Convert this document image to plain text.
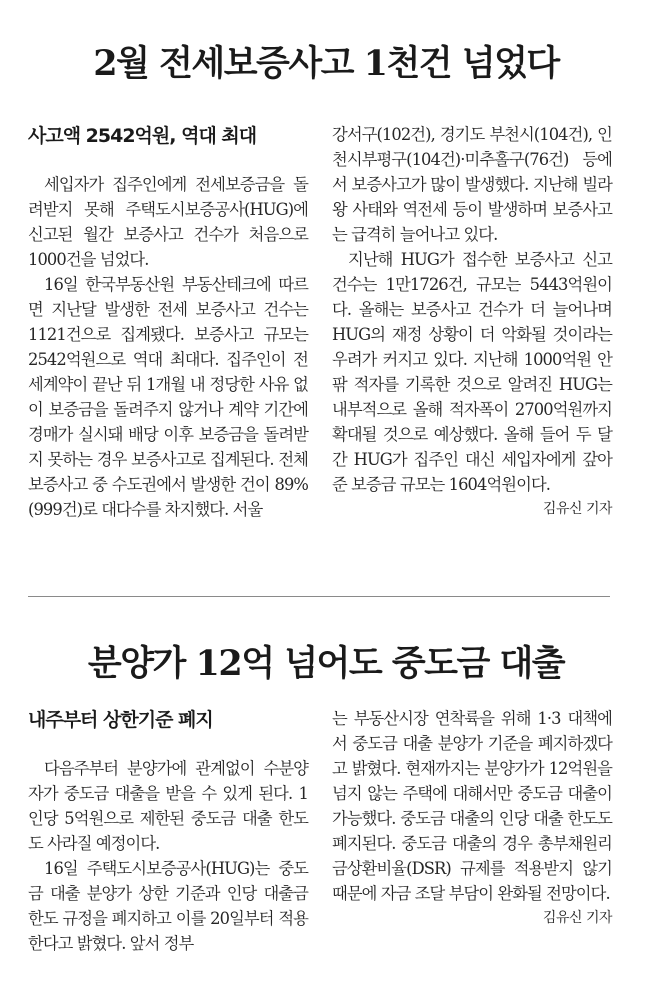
2월 전세보증사고 1천건 넘었다
사고액 2542억원, 역대 최대

세입자가 집주인에게 전세보증금을 돌려받지 못해 주택도시보증공사(HUG)에 신고된 월간 보증사고 건수가 처음으로 1000건을 넘었다.

16일 한국부동산원 부동산테크에 따르면 지난달 발생한 전세 보증사고 건수는 1121건으로 집계됐다. 보증사고 규모는 2542억원으로 역대 최대다. 집주인이 전세계약이 끝난 뒤 1개월 내 정당한 사유 없이 보증금을 돌려주지 않거나 계약 기간에 경매가 실시돼 배당 이후 보증금을 돌려받지 못하는 경우 보증사고로 집계된다. 전체 보증사고 중 수도권에서 발생한 건이 89%(999건)로 대다수를 차지했다. 서울

강서구(102건), 경기도 부천시(104건), 인천시부평구(104건)·미추홀구(76건) 등에서 보증사고가 많이 발생했다. 지난해 빌라왕 사태와 역전세 등이 발생하며 보증사고는 급격히 늘어나고 있다.

지난해 HUG가 접수한 보증사고 신고 건수는 1만1726건, 규모는 5443억원이다. 올해는 보증사고 건수가 더 늘어나며 HUG의 재정 상황이 더 악화될 것이라는 우려가 커지고 있다. 지난해 1000억원 안팎 적자를 기록한 것으로 알려진 HUG는 내부적으로 올해 적자폭이 2700억원까지 확대될 것으로 예상했다. 올해 들어 두 달간 HUG가 집주인 대신 세입자에게 갚아준 보증금 규모는 1604억원이다.
김유신 기자

분양가 12억 넘어도 중도금 대출
내주부터 상한기준 폐지

다음주부터 분양가에 관계없이 수분양자가 중도금 대출을 받을 수 있게 된다. 1인당 5억원으로 제한된 중도금 대출 한도도 사라질 예정이다.

16일 주택도시보증공사(HUG)는 중도금 대출 분양가 상한 기준과 인당 대출금 한도 규정을 폐지하고 이를 20일부터 적용한다고 밝혔다. 앞서 정부

는 부동산시장 연착륙을 위해 1·3 대책에서 중도금 대출 분양가 기준을 폐지하겠다고 밝혔다. 현재까지는 분양가가 12억원을 넘지 않는 주택에 대해서만 중도금 대출이 가능했다. 중도금 대출의 인당 대출 한도도 폐지된다. 중도금 대출의 경우 총부채원리금상환비율(DSR) 규제를 적용받지 않기 때문에 자금 조달 부담이 완화될 전망이다.
김유신 기자
